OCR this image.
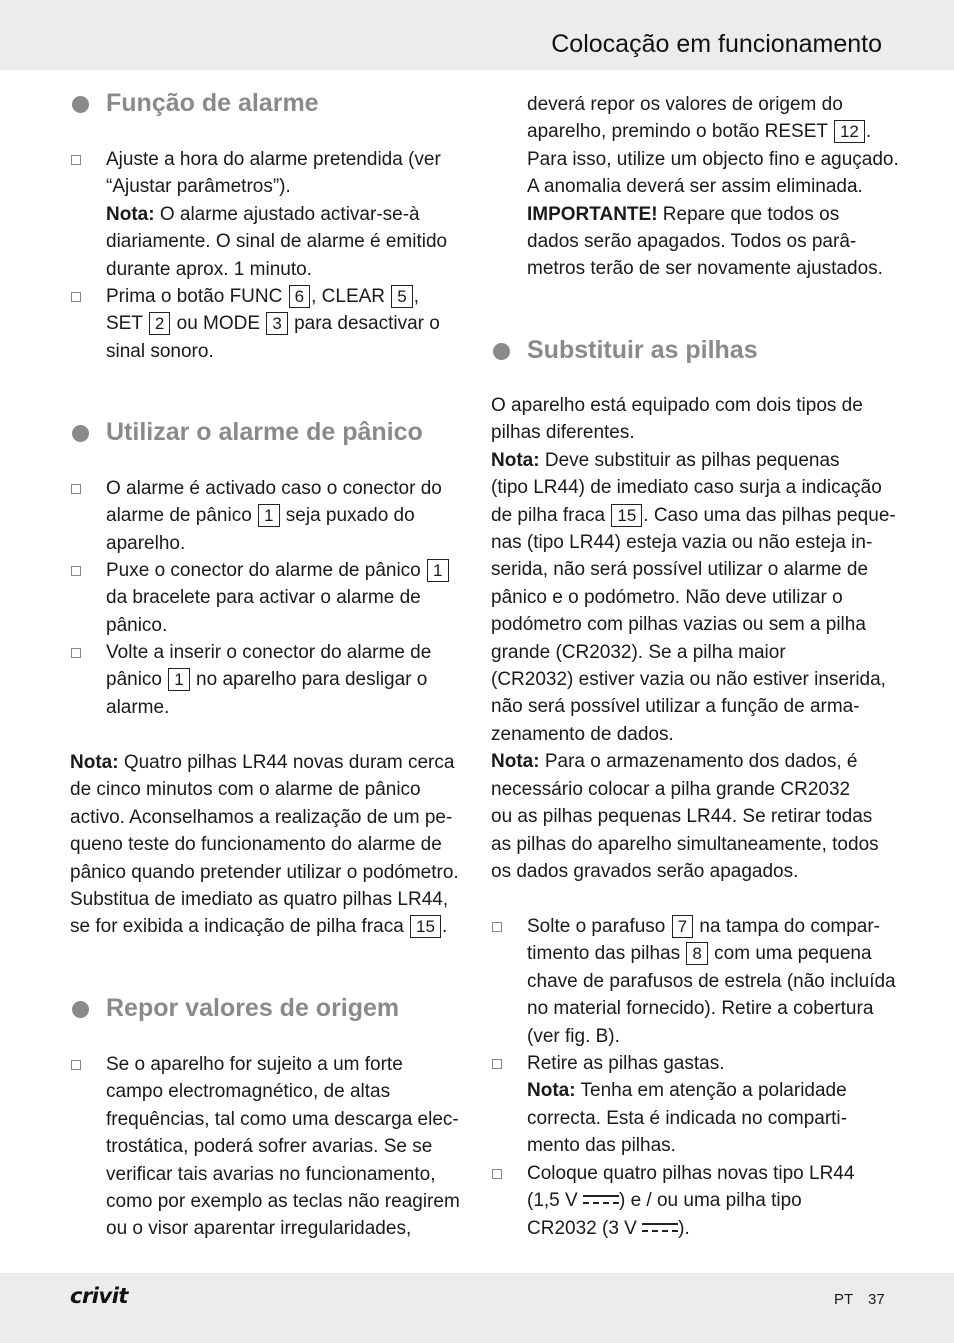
Colocação em funcionamento
Função de alarme
Ajuste a hora do alarme pretendida (ver
“Ajustar parâmetros”).
Nota: O alarme ajustado activar-se-à
diariamente. O sinal de alarme é emitido
durante aprox. 1 minuto.
Prima o botão FUNC 6 , CLEAR 5 ,
SET 2 ou MODE 3 para desactivar o
sinal sonoro.
Utilizar o alarme de pânico
O alarme é activado caso o conector do
alarme de pânico 1 seja puxado do
aparelho.
Puxe o conector do alarme de pânico 1
da bracelete para activar o alarme de
pânico.
Volte a inserir o conector do alarme de
pânico 1 no aparelho para desligar o
alarme.
Nota: Quatro pilhas LR44 novas duram cerca
de cinco minutos com o alarme de pânico
activo. Aconselhamos a realização de um pe-
queno teste do funcionamento do alarme de
pânico quando pretender utilizar o podómetro.
Substitua de imediato as quatro pilhas LR44,
se for exibida a indicação de pilha fraca 15 .
Repor valores de origem
Se o aparelho for sujeito a um forte
campo electromagnético, de altas
frequências, tal como uma descarga elec-
trostática, poderá sofrer avarias. Se se
verificar tais avarias no funcionamento,
como por exemplo as teclas não reagirem
ou o visor aparentar irregularidades,
deverá repor os valores de origem do
aparelho, premindo o botão RESET 12 .
Para isso, utilize um objecto fino e aguçado.
A anomalia deverá ser assim eliminada.
IMPORTANTE! Repare que todos os
dados serão apagados. Todos os parâ-
metros terão de ser novamente ajustados.
Substituir as pilhas
O aparelho está equipado com dois tipos de
pilhas diferentes.
Nota: Deve substituir as pilhas pequenas
(tipo LR44) de imediato caso surja a indicação
de pilha fraca 15 . Caso uma das pilhas peque-
nas (tipo LR44) esteja vazia ou não esteja in-
serida, não será possível utilizar o alarme de
pânico e o podómetro. Não deve utilizar o
podómetro com pilhas vazias ou sem a pilha
grande (CR2032). Se a pilha maior
(CR2032) estiver vazia ou não estiver inserida,
não será possível utilizar a função de arma-
zenamento de dados.
Nota: Para o armazenamento dos dados, é
necessário colocar a pilha grande CR2032
ou as pilhas pequenas LR44. Se retirar todas
as pilhas do aparelho simultaneamente, todos
os dados gravados serão apagados.
Solte o parafuso 7 na tampa do compar-
timento das pilhas 8 com uma pequena
chave de parafusos de estrela (não incluída
no material fornecido). Retire a cobertura
(ver fig. B).
Retire as pilhas gastas.
Nota: Tenha em atenção a polaridade
correcta. Esta é indicada no comparti-
mento das pilhas.
Coloque quatro pilhas novas tipo LR44
(1,5 V ) e / ou uma pilha tipo
CR2032 (3 V ).
crivit	PT 37
